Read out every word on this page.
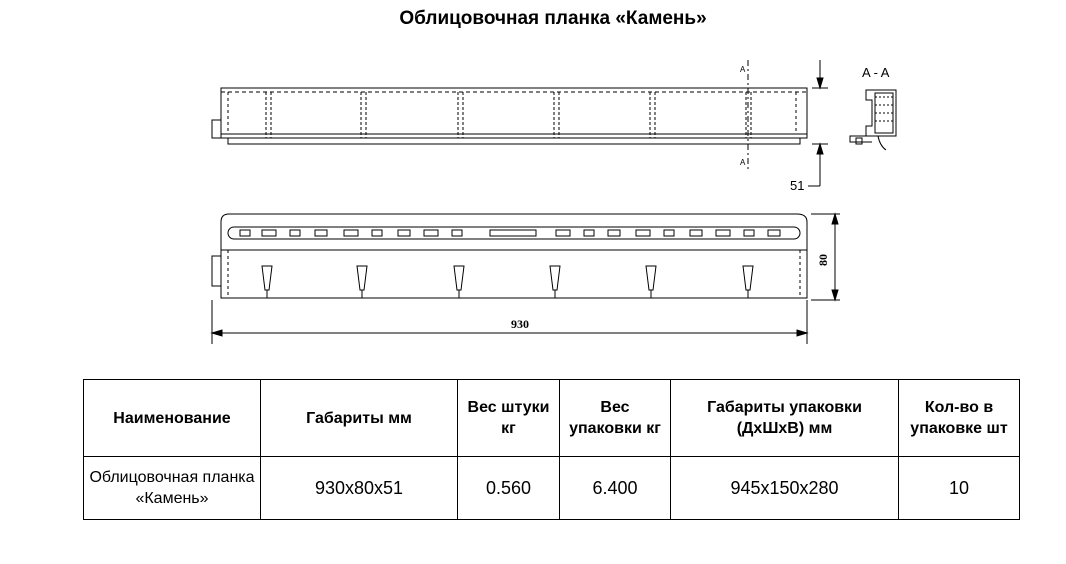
Облицовочная планка «Камень»
A
A
A - A
51
80
930
Наименование	Габариты мм	Вес штуки кг	Вес упаковки кг	Габариты упаковки (ДхШхВ) мм	Кол-во в упаковке шт
Облицовочная планка «Камень»	930x80x51	0.560	6.400	945x150x280	10
